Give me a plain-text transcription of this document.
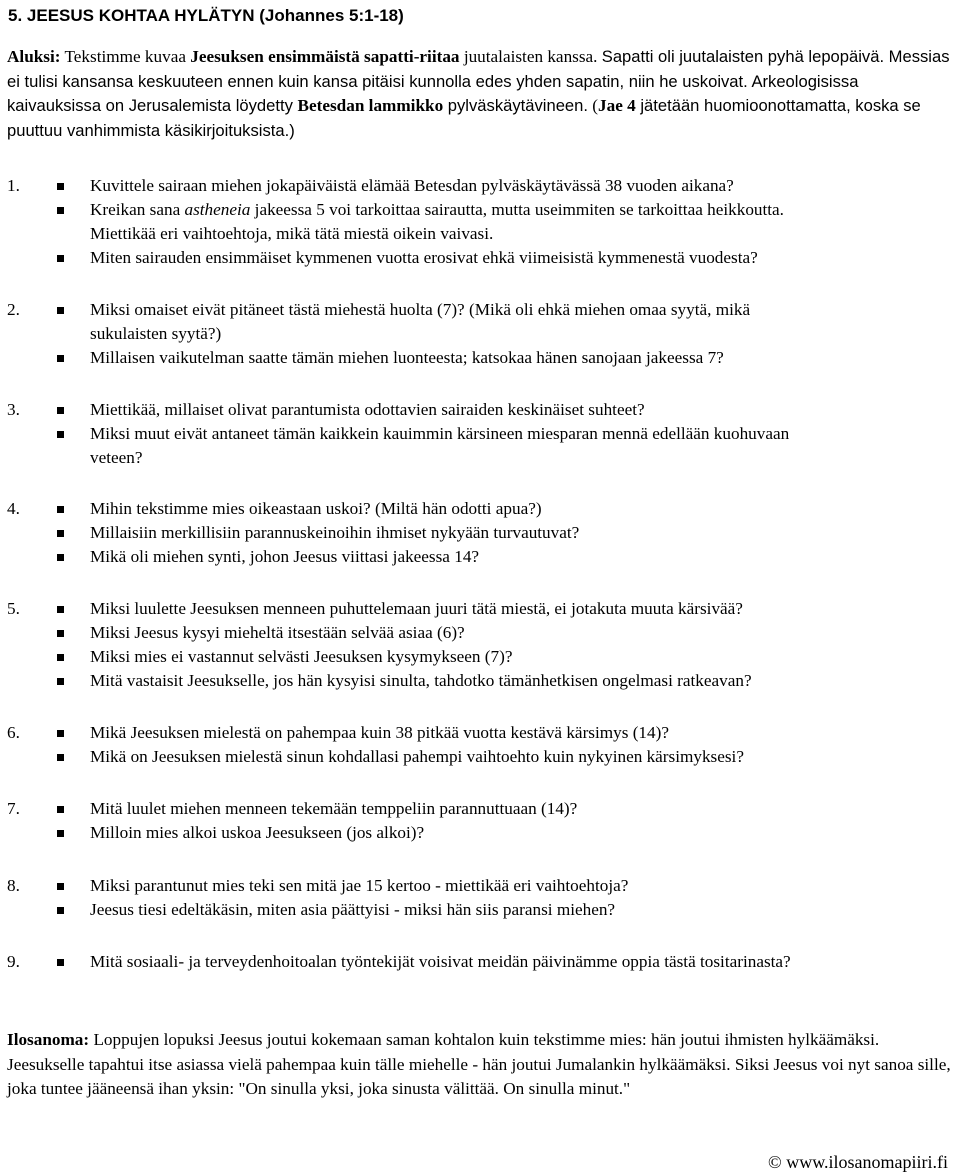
5. JEESUS KOHTAA HYLÄTYN (Johannes 5:1-18)
Aluksi: Tekstimme kuvaa Jeesuksen ensimmäistä sapatti-riitaa juutalaisten kanssa. Sapatti oli juutalaisten pyhä lepopäivä. Messias ei tulisi kansansa keskuuteen ennen kuin kansa pitäisi kunnolla edes yhden sapatin, niin he uskoivat. Arkeologisissa kaivauksissa on Jerusalemista löydetty Betesdan lammikko pylväskäytävineen. (Jae 4 jätetään huomioonottamatta, koska se puuttuu vanhimmista käsikirjoituksista.)
1.	Kuvittele sairaan miehen jokapäiväistä elämää Betesdan pylväskäytävässä 38 vuoden aikana?
Kreikan sana astheneia jakeessa 5 voi tarkoittaa sairautta, mutta useimmiten se tarkoittaa heikkoutta.
Miettikää eri vaihtoehtoja, mikä tätä miestä oikein vaivasi.
Miten sairauden ensimmäiset kymmenen vuotta erosivat ehkä viimeisistä kymmenestä vuodesta?
2.	Miksi omaiset eivät pitäneet tästä miehestä huolta (7)? (Mikä oli ehkä miehen omaa syytä, mikä
sukulaisten syytä?)
Millaisen vaikutelman saatte tämän miehen luonteesta; katsokaa hänen sanojaan jakeessa 7?
3.	Miettikää, millaiset olivat parantumista odottavien sairaiden keskinäiset suhteet?
Miksi muut eivät antaneet tämän kaikkein kauimmin kärsineen miesparan mennä edellään kuohuvaan
veteen?
4.	Mihin tekstimme mies oikeastaan uskoi? (Miltä hän odotti apua?)
Millaisiin merkillisiin parannuskeinoihin ihmiset nykyään turvautuvat?
Mikä oli miehen synti, johon Jeesus viittasi jakeessa 14?
5.	Miksi luulette Jeesuksen menneen puhuttelemaan juuri tätä miestä, ei jotakuta muuta kärsivää?
Miksi Jeesus kysyi mieheltä itsestään selvää asiaa (6)?
Miksi mies ei vastannut selvästi Jeesuksen kysymykseen (7)?
Mitä vastaisit Jeesukselle, jos hän kysyisi sinulta, tahdotko tämänhetkisen ongelmasi ratkeavan?
6.	Mikä Jeesuksen mielestä on pahempaa kuin 38 pitkää vuotta kestävä kärsimys (14)?
Mikä on Jeesuksen mielestä sinun kohdallasi pahempi vaihtoehto kuin nykyinen kärsimyksesi?
7.	Mitä luulet miehen menneen tekemään temppeliin parannuttuaan (14)?
Milloin mies alkoi uskoa Jeesukseen (jos alkoi)?
8.	Miksi parantunut mies teki sen mitä jae 15 kertoo - miettikää eri vaihtoehtoja?
Jeesus tiesi edeltäkäsin, miten asia päättyisi - miksi hän siis paransi miehen?
9.	Mitä sosiaali- ja terveydenhoitoalan työntekijät voisivat meidän päivinämme oppia tästä tositarinasta?
Ilosanoma: Loppujen lopuksi Jeesus joutui kokemaan saman kohtalon kuin tekstimme mies: hän joutui ihmisten hylkäämäksi. Jeesukselle tapahtui itse asiassa vielä pahempaa kuin tälle miehelle - hän joutui Jumalankin hylkäämäksi. Siksi Jeesus voi nyt sanoa sille, joka tuntee jääneensä ihan yksin: "On sinulla yksi, joka sinusta välittää. On sinulla minut."
© www.ilosanomapiiri.fi
